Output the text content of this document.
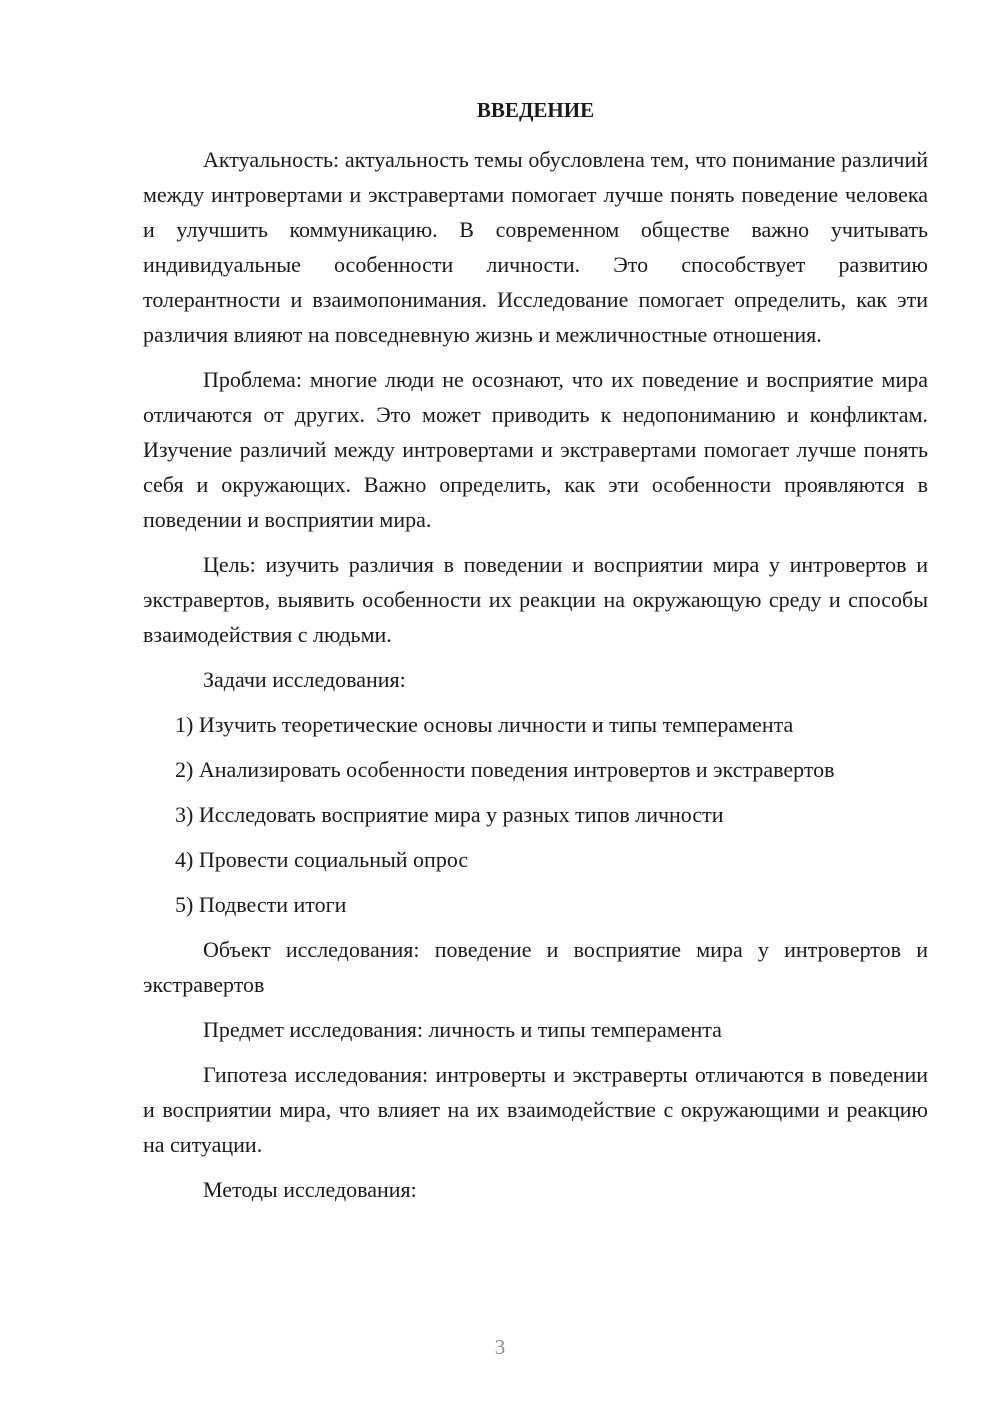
ВВЕДЕНИЕ

Актуальность: актуальность темы обусловлена тем, что понимание различий между интровертами и экстравертами помогает лучше понять поведение человека и улучшить коммуникацию. В современном обществе важно учитывать индивидуальные особенности личности. Это способствует развитию толерантности и взаимопонимания. Исследование помогает определить, как эти различия влияют на повседневную жизнь и межличностные отношения.

Проблема: многие люди не осознают, что их поведение и восприятие мира отличаются от других. Это может приводить к недопониманию и конфликтам. Изучение различий между интровертами и экстравертами помогает лучше понять себя и окружающих. Важно определить, как эти особенности проявляются в поведении и восприятии мира.

Цель: изучить различия в поведении и восприятии мира у интровертов и экстравертов, выявить особенности их реакции на окружающую среду и способы взаимодействия с людьми.

Задачи исследования:

1) Изучить теоретические основы личности и типы темперамента
2) Анализировать особенности поведения интровертов и экстравертов
3) Исследовать восприятие мира у разных типов личности
4) Провести социальный опрос
5) Подвести итоги

Объект исследования: поведение и восприятие мира у интровертов и экстравертов

Предмет исследования: личность и типы темперамента

Гипотеза исследования: интроверты и экстраверты отличаются в поведении и восприятии мира, что влияет на их взаимодействие с окружающими и реакцию на ситуации.

Методы исследования:

3
